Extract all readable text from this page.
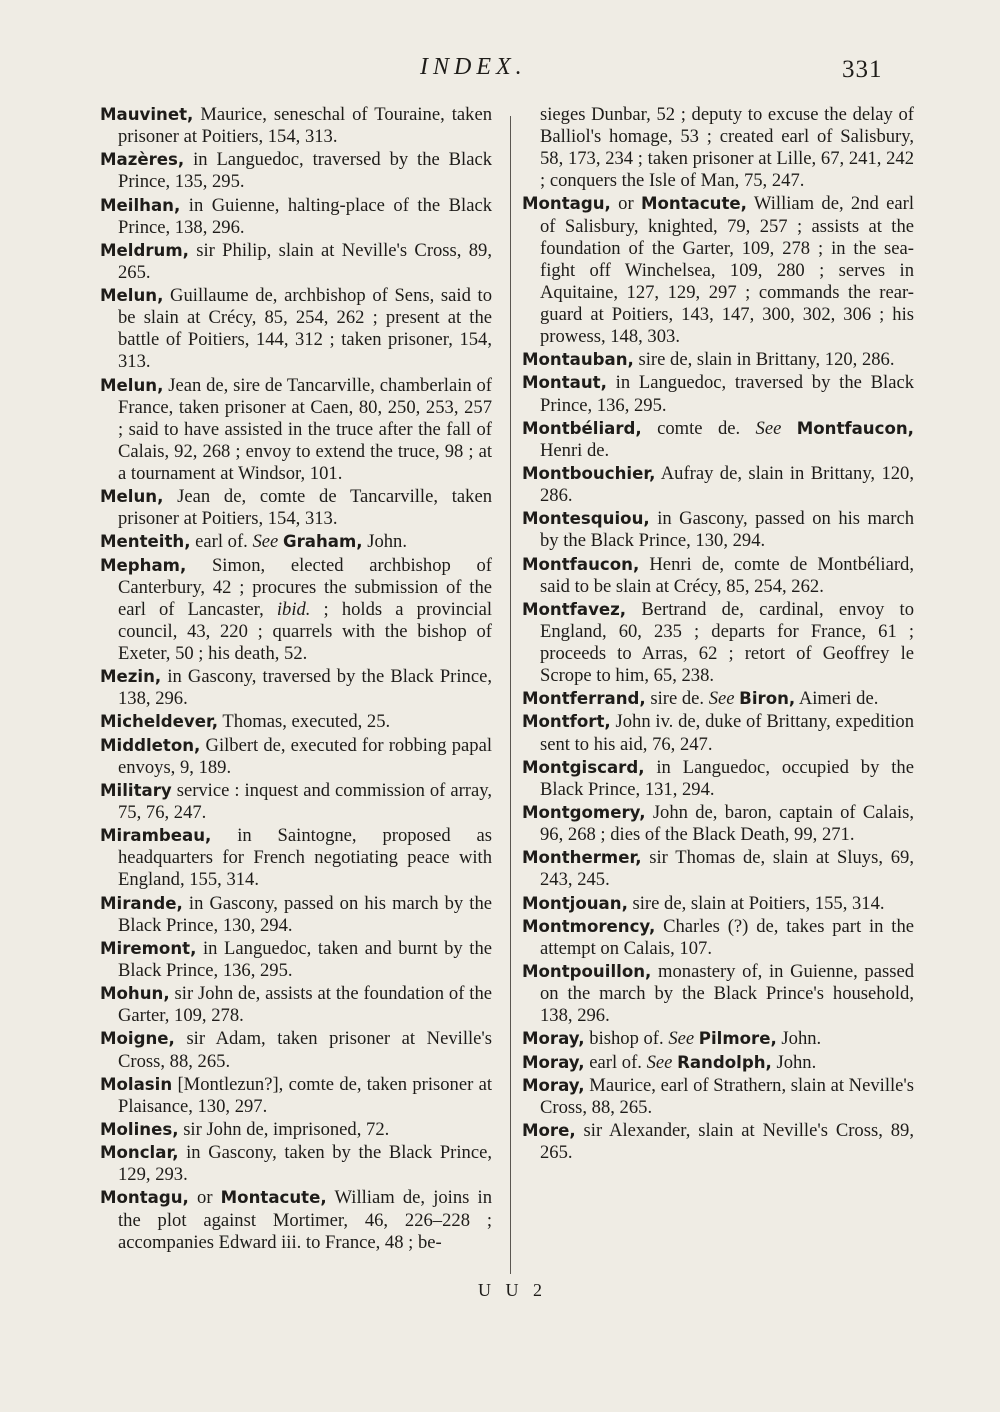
INDEX.	331

Mauvinet, Maurice, seneschal of Touraine, taken prisoner at Poitiers, 154, 313.

Mazères, in Languedoc, traversed by the Black Prince, 135, 295.

Meilhan, in Guienne, halting-place of the Black Prince, 138, 296.

Meldrum, sir Philip, slain at Neville's Cross, 89, 265.

Melun, Guillaume de, archbishop of Sens, said to be slain at Crécy, 85, 254, 262 ; present at the battle of Poitiers, 144, 312 ; taken prisoner, 154, 313.

Melun, Jean de, sire de Tancarville, chamberlain of France, taken prisoner at Caen, 80, 250, 253, 257 ; said to have assisted in the truce after the fall of Calais, 92, 268 ; envoy to extend the truce, 98 ; at a tournament at Windsor, 101.

Melun, Jean de, comte de Tancarville, taken prisoner at Poitiers, 154, 313.

Menteith, earl of. See Graham, John.

Mepham, Simon, elected archbishop of Canterbury, 42 ; procures the submission of the earl of Lancaster, ibid. ; holds a provincial council, 43, 220 ; quarrels with the bishop of Exeter, 50 ; his death, 52.

Mezin, in Gascony, traversed by the Black Prince, 138, 296.

Micheldever, Thomas, executed, 25.

Middleton, Gilbert de, executed for robbing papal envoys, 9, 189.

Military service : inquest and commission of array, 75, 76, 247.

Mirambeau, in Saintogne, proposed as headquarters for French negotiating peace with England, 155, 314.

Mirande, in Gascony, passed on his march by the Black Prince, 130, 294.

Miremont, in Languedoc, taken and burnt by the Black Prince, 136, 295.

Mohun, sir John de, assists at the foundation of the Garter, 109, 278.

Moigne, sir Adam, taken prisoner at Neville's Cross, 88, 265.

Molasin [Montlezun?], comte de, taken prisoner at Plaisance, 130, 297.

Molines, sir John de, imprisoned, 72.

Monclar, in Gascony, taken by the Black Prince, 129, 293.

Montagu, or Montacute, William de, joins in the plot against Mortimer, 46, 226–228 ; accompanies Edward iii. to France, 48 ; be-

sieges Dunbar, 52 ; deputy to excuse the delay of Balliol's homage, 53 ; created earl of Salisbury, 58, 173, 234 ; taken prisoner at Lille, 67, 241, 242 ; conquers the Isle of Man, 75, 247.

Montagu, or Montacute, William de, 2nd earl of Salisbury, knighted, 79, 257 ; assists at the foundation of the Garter, 109, 278 ; in the sea-fight off Winchelsea, 109, 280 ; serves in Aquitaine, 127, 129, 297 ; commands the rear-guard at Poitiers, 143, 147, 300, 302, 306 ; his prowess, 148, 303.

Montauban, sire de, slain in Brittany, 120, 286.

Montaut, in Languedoc, traversed by the Black Prince, 136, 295.

Montbéliard, comte de. See Montfaucon, Henri de.

Montbouchier, Aufray de, slain in Brittany, 120, 286.

Montesquiou, in Gascony, passed on his march by the Black Prince, 130, 294.

Montfaucon, Henri de, comte de Montbéliard, said to be slain at Crécy, 85, 254, 262.

Montfavez, Bertrand de, cardinal, envoy to England, 60, 235 ; departs for France, 61 ; proceeds to Arras, 62 ; retort of Geoffrey le Scrope to him, 65, 238.

Montferrand, sire de. See Biron, Aimeri de.

Montfort, John iv. de, duke of Brittany, expedition sent to his aid, 76, 247.

Montgiscard, in Languedoc, occupied by the Black Prince, 131, 294.

Montgomery, John de, baron, captain of Calais, 96, 268 ; dies of the Black Death, 99, 271.

Monthermer, sir Thomas de, slain at Sluys, 69, 243, 245.

Montjouan, sire de, slain at Poitiers, 155, 314.

Montmorency, Charles (?) de, takes part in the attempt on Calais, 107.

Montpouillon, monastery of, in Guienne, passed on the march by the Black Prince's household, 138, 296.

Moray, bishop of. See Pilmore, John.

Moray, earl of. See Randolph, John.

Moray, Maurice, earl of Strathern, slain at Neville's Cross, 88, 265.

More, sir Alexander, slain at Neville's Cross, 89, 265.

U U 2
